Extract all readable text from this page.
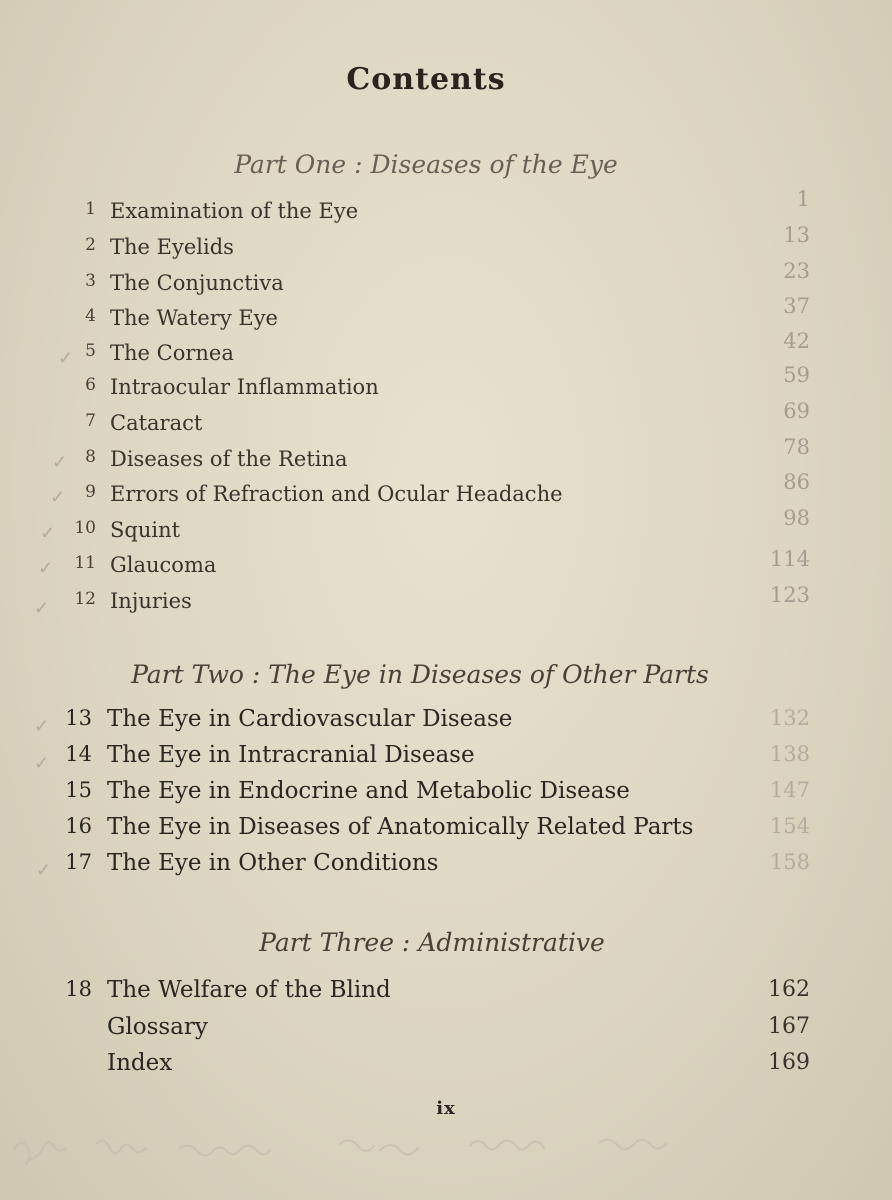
Contents
Part One : Diseases of the Eye
1 Examination of the Eye	1
2 The Eyelids	13
3 The Conjunctiva	23
4 The Watery Eye	37
5 The Cornea	42
6 Intraocular Inflammation	59
7 Cataract	69
8 Diseases of the Retina	78
9 Errors of Refraction and Ocular Headache	86
10 Squint	98
11 Glaucoma	114
12 Injuries	123
Part Two : The Eye in Diseases of Other Parts
13 The Eye in Cardiovascular Disease	132
14 The Eye in Intracranial Disease	138
15 The Eye in Endocrine and Metabolic Disease	147
16 The Eye in Diseases of Anatomically Related Parts	154
17 The Eye in Other Conditions	158
Part Three : Administrative
18 The Welfare of the Blind	162
Glossary	167
Index	169
✓
✓
✓
✓
✓
✓
✓
✓
✓
ix
